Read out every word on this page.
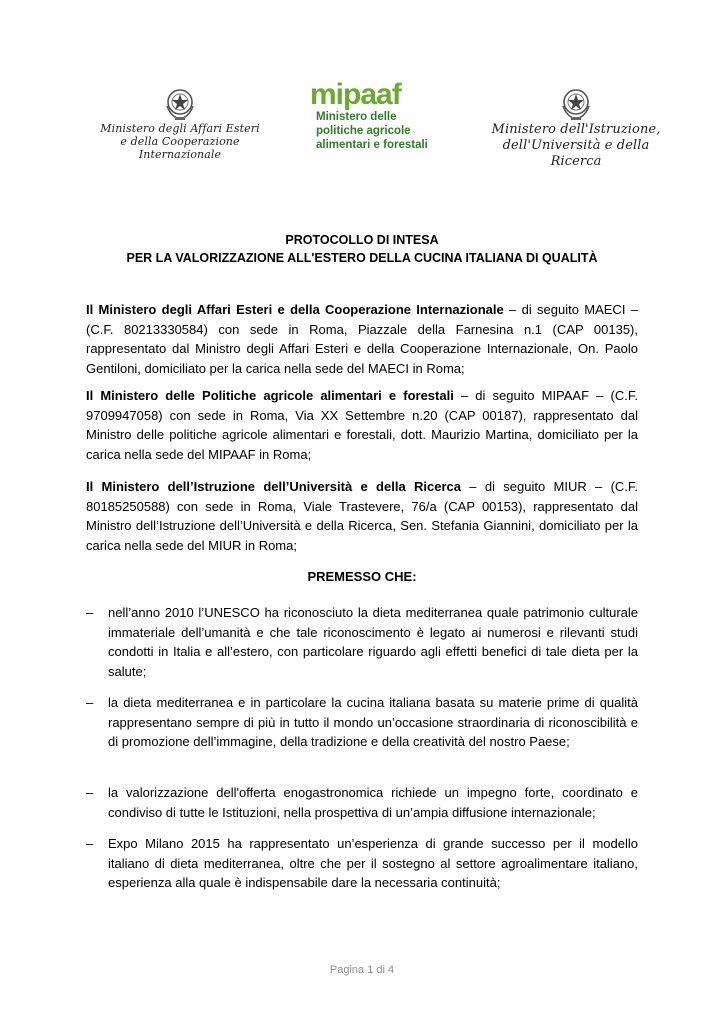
Ministero degli Affari Esteri
e della Cooperazione Internazionale
mipaaf
Ministero delle
politiche agricole
alimentari e forestali
Ministero dell'Istruzione,
dell'Università e della Ricerca
PROTOCOLLO DI INTESA
PER LA VALORIZZAZIONE ALL'ESTERO DELLA CUCINA ITALIANA DI QUALITÀ

Il Ministero degli Affari Esteri e della Cooperazione Internazionale – di seguito MAECI – (C.F. 80213330584) con sede in Roma, Piazzale della Farnesina n.1 (CAP 00135), rappresentato dal Ministro degli Affari Esteri e della Cooperazione Internazionale, On. Paolo Gentiloni, domiciliato per la carica nella sede del MAECI in Roma;

Il Ministero delle Politiche agricole alimentari e forestali – di seguito MIPAAF – (C.F. 9709947058) con sede in Roma, Via XX Settembre n.20 (CAP 00187), rappresentato dal Ministro delle politiche agricole alimentari e forestali, dott. Maurizio Martina, domiciliato per la carica nella sede del MIPAAF in Roma;

Il Ministero dell’Istruzione dell’Università e della Ricerca – di seguito MIUR – (C.F. 80185250588) con sede in Roma, Viale Trastevere, 76/a (CAP 00153), rappresentato dal Ministro dell’Istruzione dell’Università e della Ricerca, Sen. Stefania Giannini, domiciliato per la carica nella sede del MIUR in Roma;

PREMESSO CHE:
– nell’anno 2010 l’UNESCO ha riconosciuto la dieta mediterranea quale patrimonio culturale immateriale dell’umanità e che tale riconoscimento è legato ai numerosi e rilevanti studi condotti in Italia e all’estero, con particolare riguardo agli effetti benefici di tale dieta per la salute;
– la dieta mediterranea e in particolare la cucina italiana basata su materie prime di qualità rappresentano sempre di più in tutto il mondo un’occasione straordinaria di riconoscibilità e di promozione dell’immagine, della tradizione e della creatività del nostro Paese;
– la valorizzazione dell'offerta enogastronomica richiede un impegno forte, coordinato e condiviso di tutte le Istituzioni, nella prospettiva di un’ampia diffusione internazionale;
– Expo Milano 2015 ha rappresentato un’esperienza di grande successo per il modello italiano di dieta mediterranea, oltre che per il sostegno al settore agroalimentare italiano, esperienza alla quale è indispensabile dare la necessaria continuità;
Pagina 1 di 4
